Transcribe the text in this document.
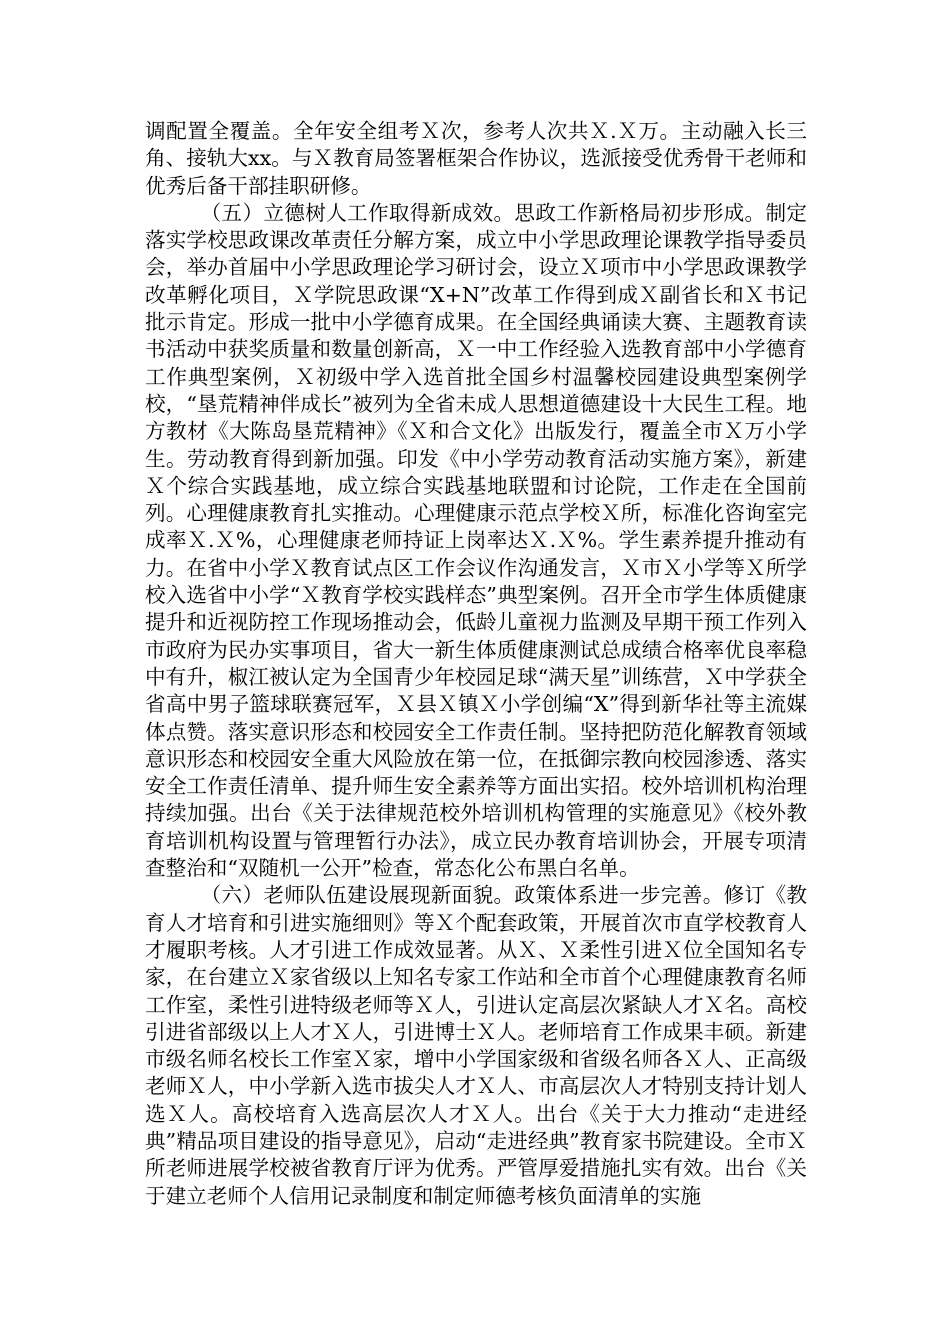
调配置全覆盖。全年安全组考Ｘ次，参考人次共Ｘ.Ｘ万。主动融入长三角、接轨大xx。与Ｘ教育局签署框架合作协议，选派接受优秀骨干老师和优秀后备干部挂职研修。

（五）立德树人工作取得新成效。思政工作新格局初步形成。制定落实学校思政课改革责任分解方案，成立中小学思政理论课教学指导委员会，举办首届中小学思政理论学习研讨会，设立Ｘ项市中小学思政课教学改革孵化项目，Ｘ学院思政课“X+N”改革工作得到成Ｘ副省长和Ｘ书记批示肯定。形成一批中小学德育成果。在全国经典诵读大赛、主题教育读书活动中获奖质量和数量创新高，Ｘ一中工作经验入选教育部中小学德育工作典型案例，Ｘ初级中学入选首批全国乡村温馨校园建设典型案例学校，“垦荒精神伴成长”被列为全省未成人思想道德建设十大民生工程。地方教材《大陈岛垦荒精神》《Ｘ和合文化》出版发行，覆盖全市Ｘ万小学生。劳动教育得到新加强。印发《中小学劳动教育活动实施方案》，新建Ｘ个综合实践基地，成立综合实践基地联盟和讨论院，工作走在全国前列。心理健康教育扎实推动。心理健康示范点学校Ｘ所，标准化咨询室完成率Ｘ.Ｘ%，心理健康老师持证上岗率达Ｘ.Ｘ%。学生素养提升推动有力。在省中小学Ｘ教育试点区工作会议作沟通发言，Ｘ市Ｘ小学等Ｘ所学校入选省中小学“Ｘ教育学校实践样态”典型案例。召开全市学生体质健康提升和近视防控工作现场推动会，低龄儿童视力监测及早期干预工作列入市政府为民办实事项目，省大一新生体质健康测试总成绩合格率优良率稳中有升，椒江被认定为全国青少年校园足球“满天星”训练营，Ｘ中学获全省高中男子篮球联赛冠军，Ｘ县Ｘ镇Ｘ小学创编“X”得到新华社等主流媒体点赞。落实意识形态和校园安全工作责任制。坚持把防范化解教育领域意识形态和校园安全重大风险放在第一位，在抵御宗教向校园渗透、落实安全工作责任清单、提升师生安全素养等方面出实招。校外培训机构治理持续加强。出台《关于法律规范校外培训机构管理的实施意见》《校外教育培训机构设置与管理暂行办法》，成立民办教育培训协会，开展专项清查整治和“双随机一公开”检查，常态化公布黑白名单。

（六）老师队伍建设展现新面貌。政策体系进一步完善。修订《教育人才培育和引进实施细则》等Ｘ个配套政策，开展首次市直学校教育人才履职考核。人才引进工作成效显著。从Ｘ、Ｘ柔性引进Ｘ位全国知名专家，在台建立Ｘ家省级以上知名专家工作站和全市首个心理健康教育名师工作室，柔性引进特级老师等Ｘ人，引进认定高层次紧缺人才Ｘ名。高校引进省部级以上人才Ｘ人，引进博士Ｘ人。老师培育工作成果丰硕。新建市级名师名校长工作室Ｘ家，增中小学国家级和省级名师各Ｘ人、正高级老师Ｘ人，中小学新入选市拔尖人才Ｘ人、市高层次人才特别支持计划人选Ｘ人。高校培育入选高层次人才Ｘ人。出台《关于大力推动“走进经典”精品项目建设的指导意见》，启动“走进经典”教育家书院建设。全市Ｘ所老师进展学校被省教育厅评为优秀。严管厚爱措施扎实有效。出台《关于建立老师个人信用记录制度和制定师德考核负面清单的实施
